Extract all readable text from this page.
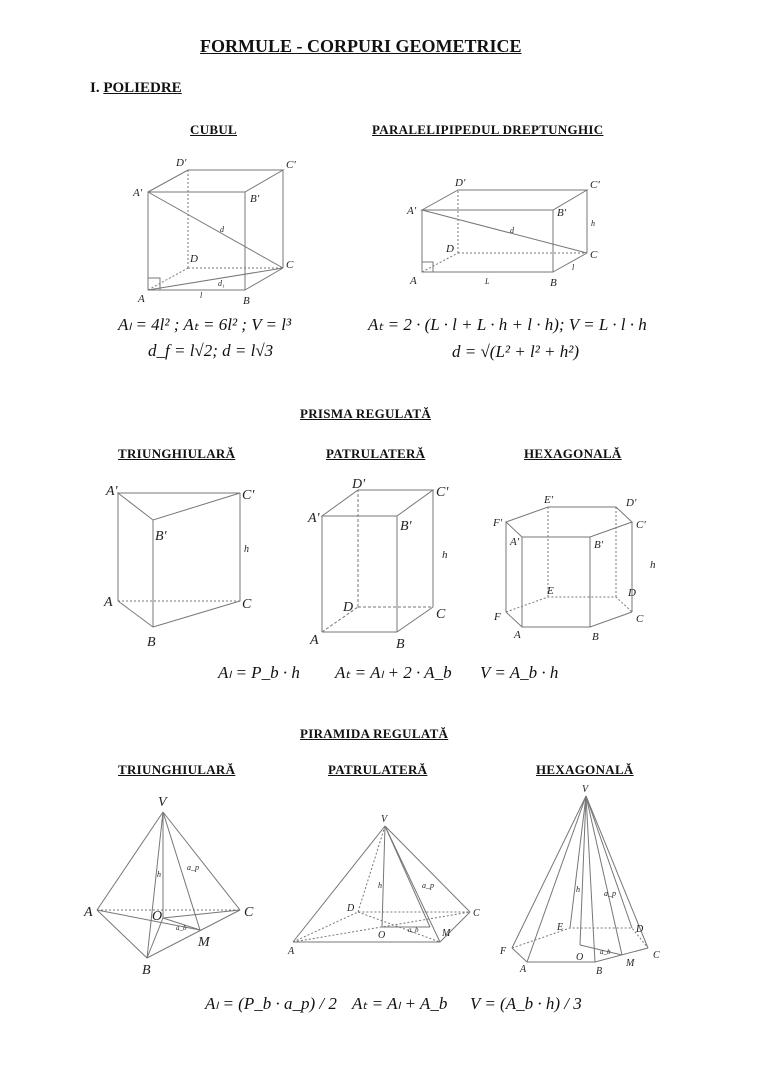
FORMULE - CORPURI GEOMETRICE
I. POLIEDRE
CUBUL	PARALELIPIPEDUL DREPTUNGHIC
A	B
C
D
A'	B'
C'
D'
d
d₁
l
A	B
C
D
A'	B'
C'
D'
d
L
l
h
A
B
C
A'
B'
C'
h
A	B
C
D
A'
B'
C'
D'
h
A	B
C
D
E
F
A'	B'
C'
D'
E'
F'
h
V
A
B
C
O
M
h
a_p
a_b
V
A
C
D
O	M
h	a_p
a_b
V
A	B
C
D
E
F
O
M
h	a_p
a_b
Aₗ = 4l² ; Aₜ = 6l² ; V = l³
d_f = l√2; d = l√3
Aₜ = 2 · (L · l + L · h + l · h); V = L · l · h
d = √(L² + l² + h²)
PRISMA REGULATĂ
TRIUNGHIULARĂ	PATRULATERĂ	HEXAGONALĂ
Aₗ = P_b · h Aₜ = Aₗ + 2 · A_b V = A_b · h
PIRAMIDA REGULATĂ
TRIUNGHIULARĂ	PATRULATERĂ	HEXAGONALĂ
Aₗ = (P_b · a_p) / 2 Aₜ = Aₗ + A_b V = (A_b · h) / 3
